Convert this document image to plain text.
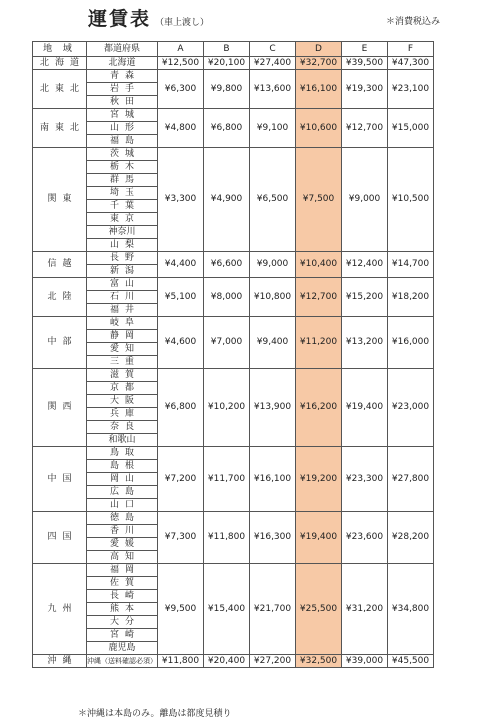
運賃表 （車上渡し）	＊消費税込み
地 域	都道府県	A	B	C	D	E	F
北海道	北海道	¥12,500	¥20,100	¥27,400	¥32,700	¥39,500	¥47,300
北東北	青森	¥6,300	¥9,800	¥13,600	¥16,100	¥19,300	¥23,100
	岩手						
	秋田						
南東北	宮城	¥4,800	¥6,800	¥9,100	¥10,600	¥12,700	¥15,000
	山形						
	福島						
関東	茨城	¥3,300	¥4,900	¥6,500	¥7,500	¥9,000	¥10,500
	栃木						
	群馬						
	埼玉						
	千葉						
	東京						
	神奈川						
	山梨						
信越	長野	¥4,400	¥6,600	¥9,000	¥10,400	¥12,400	¥14,700
	新潟						
北陸	富山	¥5,100	¥8,000	¥10,800	¥12,700	¥15,200	¥18,200
	石川						
	福井						
中部	岐阜	¥4,600	¥7,000	¥9,400	¥11,200	¥13,200	¥16,000
	静岡						
	愛知						
	三重						
関西	滋賀	¥6,800	¥10,200	¥13,900	¥16,200	¥19,400	¥23,000
	京都						
	大阪						
	兵庫						
	奈良						
	和歌山						
中国	鳥取	¥7,200	¥11,700	¥16,100	¥19,200	¥23,300	¥27,800
	島根						
	岡山						
	広島						
	山口						
四国	徳島	¥7,300	¥11,800	¥16,300	¥19,400	¥23,600	¥28,200
	香川						
	愛媛						
	高知						
九州	福岡	¥9,500	¥15,400	¥21,700	¥25,500	¥31,200	¥34,800
	佐賀						
	長崎						
	熊本						
	大分						
	宮崎						
	鹿児島						
沖縄	沖縄（送料確認必須）	¥11,800	¥20,400	¥27,200	¥32,500	¥39,000	¥45,500
＊沖縄は本島のみ。離島は都度見積り
